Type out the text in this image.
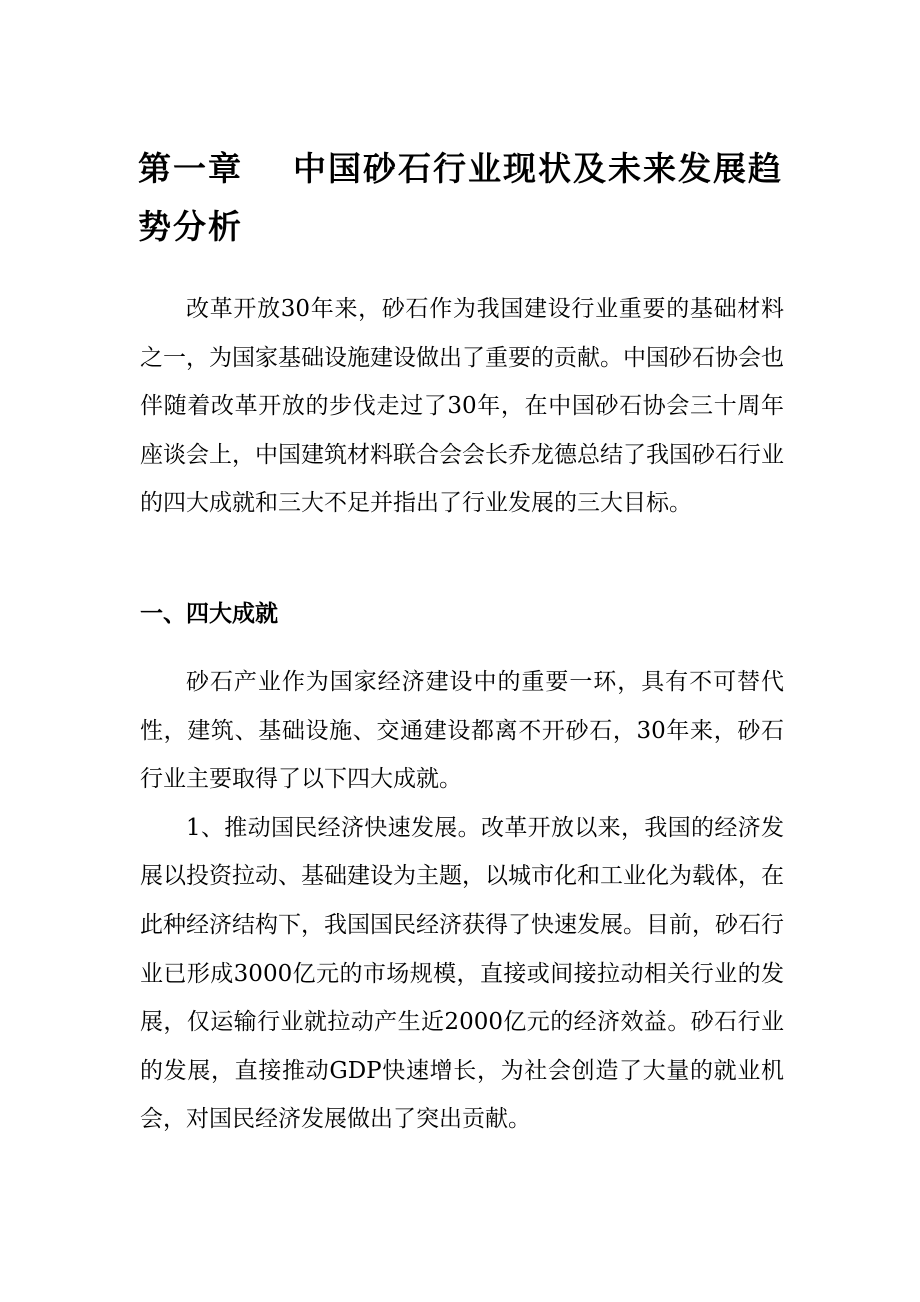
第一章 中国砂石行业现状及未来发展趋势分析

改革开放30年来，砂石作为我国建设行业重要的基础材料之一，为国家基础设施建设做出了重要的贡献。中国砂石协会也伴随着改革开放的步伐走过了30年，在中国砂石协会三十周年座谈会上，中国建筑材料联合会会长乔龙德总结了我国砂石行业的四大成就和三大不足并指出了行业发展的三大目标。

一、四大成就

砂石产业作为国家经济建设中的重要一环，具有不可替代性，建筑、基础设施、交通建设都离不开砂石，30年来，砂石行业主要取得了以下四大成就。

1、推动国民经济快速发展。改革开放以来，我国的经济发展以投资拉动、基础建设为主题，以城市化和工业化为载体，在此种经济结构下，我国国民经济获得了快速发展。目前，砂石行业已形成3000亿元的市场规模，直接或间接拉动相关行业的发展，仅运输行业就拉动产生近2000亿元的经济效益。砂石行业的发展，直接推动GDP快速增长，为社会创造了大量的就业机会，对国民经济发展做出了突出贡献。
